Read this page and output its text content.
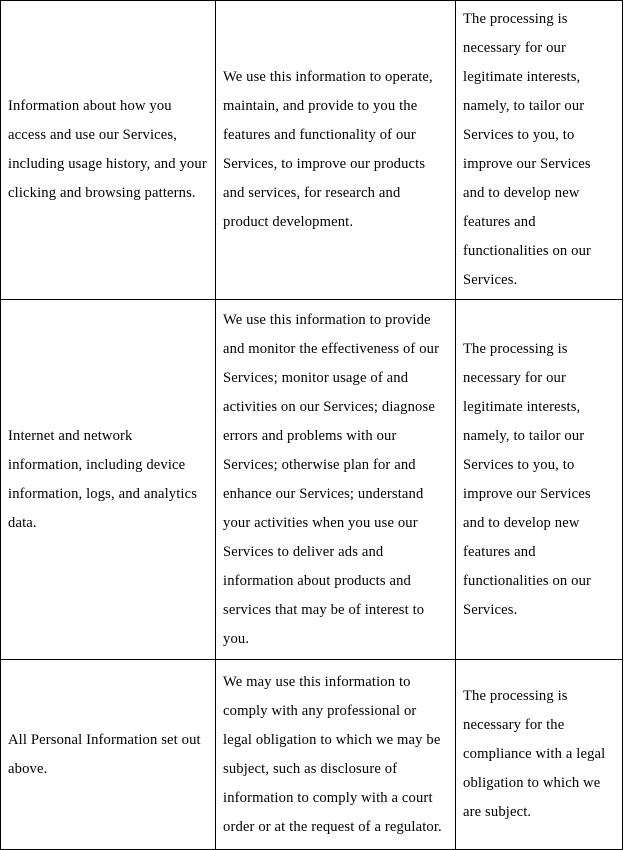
Information about how you access and use our Services, including usage history, and your clicking and browsing patterns.	We use this information to operate, maintain, and provide to you the features and functionality of our Services, to improve our products and services, for research and product development.	The processing is necessary for our legitimate interests, namely, to tailor our Services to you, to improve our Services and to develop new features and functionalities on our Services.

Internet and network information, including device information, logs, and analytics data.	We use this information to provide and monitor the effectiveness of our Services; monitor usage of and activities on our Services; diagnose errors and problems with our Services; otherwise plan for and enhance our Services; understand your activities when you use our Services to deliver ads and information about products and services that may be of interest to you.	The processing is necessary for our legitimate interests, namely, to tailor our Services to you, to improve our Services and to develop new features and functionalities on our Services.

All Personal Information set out above.	We may use this information to comply with any professional or legal obligation to which we may be subject, such as disclosure of information to comply with a court order or at the request of a regulator.	The processing is necessary for the compliance with a legal obligation to which we are subject.
